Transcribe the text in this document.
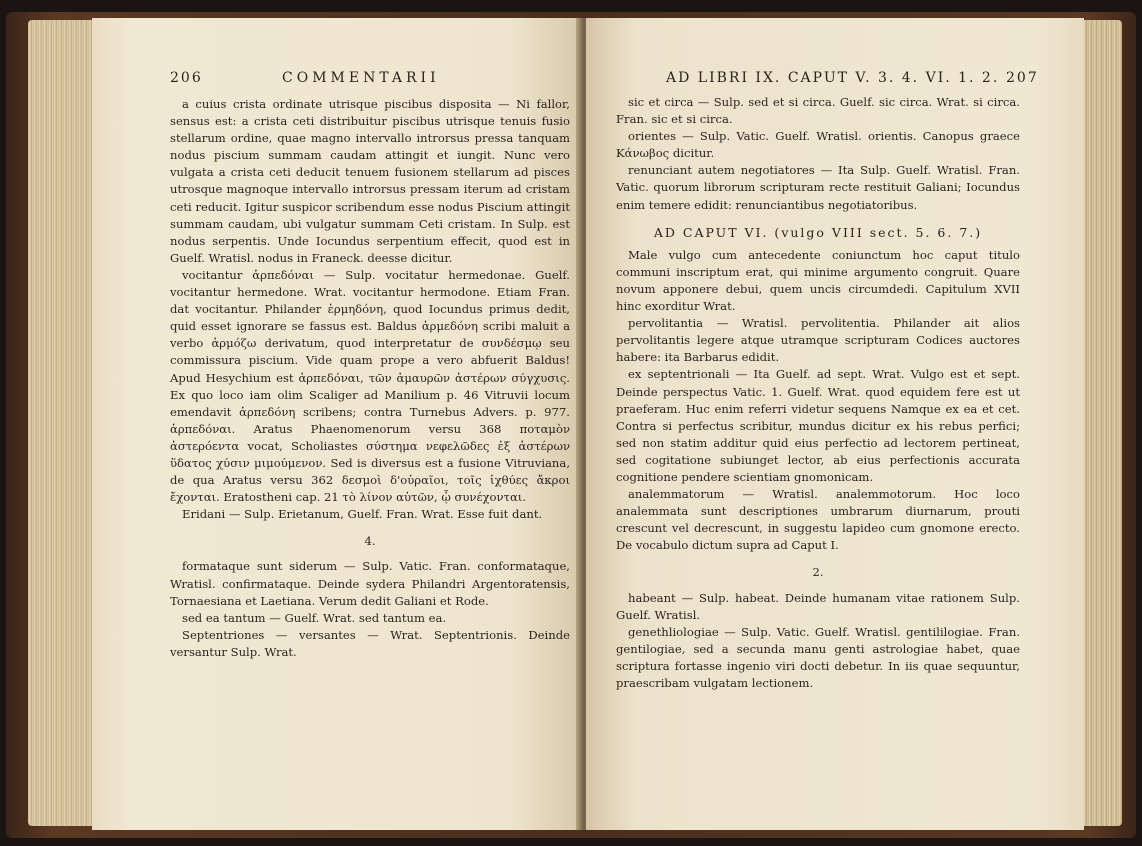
206	COMMENTARII

a cuius crista ordinate utrisque piscibus disposita — Ni fallor, sensus est: a crista ceti distribuitur piscibus utrisque tenuis fusio stellarum ordine, quae magno intervallo introrsus pressa tanquam nodus piscium summam caudam attingit et iungit. Nunc vero vulgata a crista ceti deducit tenuem fusionem stellarum ad pisces utrosque magnoque intervallo introrsus pressam iterum ad cristam ceti reducit. Igitur suspicor scribendum esse nodus Piscium attingit summam caudam, ubi vulgatur summam Ceti cristam. In Sulp. est nodus serpentis. Unde Iocundus serpentium effecit, quod est in Guelf. Wratisl. nodus in Franeck. deesse dicitur.

vocitantur ἁρπεδόναι — Sulp. vocitatur hermedonae. Guelf. vocitantur hermedone. Wrat. vocitantur hermodone. Etiam Fran. dat vocitantur. Philander ἑρμηδόνη, quod Iocundus primus dedit, quid esset ignorare se fassus est. Baldus ἁρμεδόνη scribi maluit a verbo ἁρμόζω derivatum, quod interpretatur de συνδέσμῳ seu commissura piscium. Vide quam prope a vero abfuerit Baldus! Apud Hesychium est ἁρπεδόναι, τῶν ἀμαυρῶν ἀστέρων σύγχυσις. Ex quo loco iam olim Scaliger ad Manilium p. 46 Vitruvii locum emendavit ἁρπεδόνη scribens; contra Turnebus Advers. p. 977. ἁρπεδόναι. Aratus Phaenomenorum versu 368 ποταμὸν ἀστερόεντα vocat, Scholiastes σύστημα νεφελῶδες ἐξ ἀστέρων ὕδατος χύσιν μιμούμενον. Sed is diversus est a fusione Vitruviana, de qua Aratus versu 362 δεσμοὶ δ'οὐραῖοι, τοῖς ἰχθύες ἄκροι ἔχονται. Eratostheni cap. 21 τὸ λίνον αὐτῶν, ᾧ συνέχονται.

Eridani — Sulp. Erietanum, Guelf. Fran. Wrat. Esse fuit dant.

4.

formataque sunt siderum — Sulp. Vatic. Fran. conformataque, Wratisl. confirmataque. Deinde sydera Philandri Argentoratensis, Tornaesiana et Laetiana. Verum dedit Galiani et Rode.

sed ea tantum — Guelf. Wrat. sed tantum ea.

Septentriones — versantes — Wrat. Septentrionis. Deinde versantur Sulp. Wrat.

AD LIBRI IX. CAPUT V. 3. 4. VI. 1. 2. 207

sic et circa — Sulp. sed et si circa. Guelf. sic circa. Wrat. si circa. Fran. sic et si circa.

orientes — Sulp. Vatic. Guelf. Wratisl. orientis. Canopus graece Κάνωβος dicitur.

renunciant autem negotiatores — Ita Sulp. Guelf. Wratisl. Fran. Vatic. quorum librorum scripturam recte restituit Galiani; Iocundus enim temere edidit: renunciantibus negotiatoribus.

AD CAPUT VI. (vulgo VIII sect. 5. 6. 7.)

Male vulgo cum antecedente coniunctum hoc caput titulo communi inscriptum erat, qui minime argumento congruit. Quare novum apponere debui, quem uncis circumdedi. Capitulum XVII hinc exorditur Wrat.

pervolitantia — Wratisl. pervolitentia. Philander ait alios pervolitantis legere atque utramque scripturam Codices auctores habere: ita Barbarus edidit.

ex septentrionali — Ita Guelf. ad sept. Wrat. Vulgo est et sept. Deinde perspectus Vatic. 1. Guelf. Wrat. quod equidem fere est ut praeferam. Huc enim referri videtur sequens Namque ex ea et cet. Contra si perfectus scribitur, mundus dicitur ex his rebus perfici; sed non statim additur quid eius perfectio ad lectorem pertineat, sed cogitatione subiunget lector, ab eius perfectionis accurata cognitione pendere scientiam gnomonicam.

analemmatorum — Wratisl. analemmotorum. Hoc loco analemmata sunt descriptiones umbrarum diurnarum, prouti crescunt vel decrescunt, in suggestu lapideo cum gnomone erecto. De vocabulo dictum supra ad Caput I.

2.

habeant — Sulp. habeat. Deinde humanam vitae rationem Sulp. Guelf. Wratisl.

genethliologiae — Sulp. Vatic. Guelf. Wratisl. gentililogiae. Fran. gentilogiae, sed a secunda manu genti astrologiae habet, quae scriptura fortasse ingenio viri docti debetur. In iis quae sequuntur, praescribam vulgatam lectionem.
